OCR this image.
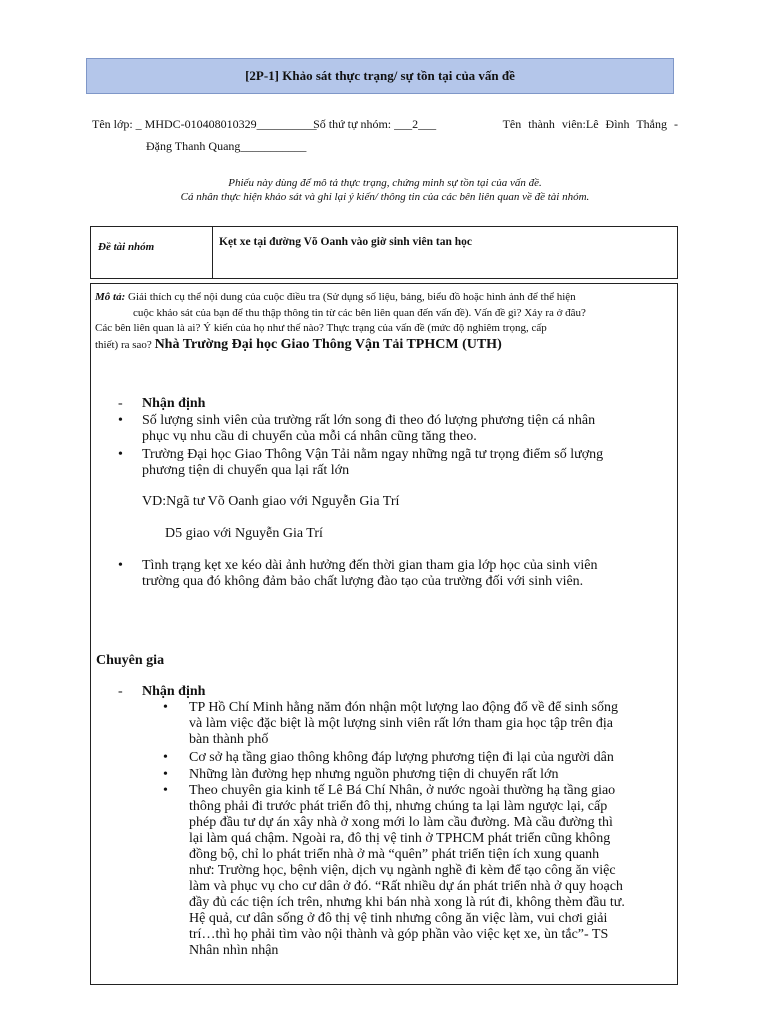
[2P-1] Khảo sát thực trạng/ sự tồn tại của vấn đề
Tên lớp: _ MHDC-010408010329__________
Số thứ tự nhóm: ___2___	Tên thành viên:Lê Đình Thắng -
Đặng Thanh Quang___________
Phiếu này dùng để mô tả thực trạng, chứng minh sự tồn tại của vấn đề.
Cá nhân thực hiện khảo sát và ghi lại ý kiến/ thông tin của các bên liên quan về đề tài nhóm.
Đề tài nhóm	Kẹt xe tại đường Võ Oanh vào giờ sinh viên tan học
Mô tả: Giải thích cụ thể nội dung của cuộc điều tra (Sử dụng số liệu, bảng, biểu đồ hoặc hình ảnh để thể hiện
cuộc khảo sát của bạn để thu thập thông tin từ các bên liên quan đến vấn đề). Vấn đề gì? Xảy ra ở đâu?
Các bên liên quan là ai? Ý kiến của họ như thế nào? Thực trạng của vấn đề (mức độ nghiêm trọng, cấp
thiết) ra sao? Nhà Trường Đại học Giao Thông Vận Tải TPHCM (UTH)
- Nhận định
• Số lượng sinh viên của trường rất lớn song đi theo đó lượng phương tiện cá nhân
phục vụ nhu cầu di chuyển của mỗi cá nhân cũng tăng theo.
• Trường Đại học Giao Thông Vận Tải nằm ngay những ngã tư trọng điểm số lượng
phương tiện di chuyển qua lại rất lớn
VD:Ngã tư Võ Oanh giao với Nguyễn Gia Trí
D5 giao với Nguyễn Gia Trí
• Tình trạng kẹt xe kéo dài ảnh hưởng đến thời gian tham gia lớp học của sinh viên
trường qua đó không đảm bảo chất lượng đào tạo của trường đối với sinh viên.
Chuyên gia
- Nhận định
• TP Hồ Chí Minh hằng năm đón nhận một lượng lao động đổ về để sinh sống
và làm việc đặc biệt là một lượng sinh viên rất lớn tham gia học tập trên địa
bàn thành phố
• Cơ sở hạ tầng giao thông không đáp lượng phương tiện đi lại của người dân
• Những làn đường hẹp nhưng nguồn phương tiện di chuyển rất lớn
• Theo chuyên gia kinh tế Lê Bá Chí Nhân, ở nước ngoài thường hạ tầng giao
thông phải đi trước phát triển đô thị, nhưng chúng ta lại làm ngược lại, cấp
phép đầu tư dự án xây nhà ở xong mới lo làm cầu đường. Mà cầu đường thì
lại làm quá chậm. Ngoài ra, đô thị vệ tinh ở TPHCM phát triển cũng không
đồng bộ, chỉ lo phát triển nhà ở mà “quên” phát triển tiện ích xung quanh
như: Trường học, bệnh viện, dịch vụ ngành nghề đi kèm để tạo công ăn việc
làm và phục vụ cho cư dân ở đó. “Rất nhiều dự án phát triển nhà ở quy hoạch
đầy đủ các tiện ích trên, nhưng khi bán nhà xong là rút đi, không thèm đầu tư.
Hệ quả, cư dân sống ở đô thị vệ tinh nhưng công ăn việc làm, vui chơi giải
trí…thì họ phải tìm vào nội thành và góp phần vào việc kẹt xe, ùn tắc”- TS
Nhân nhìn nhận
